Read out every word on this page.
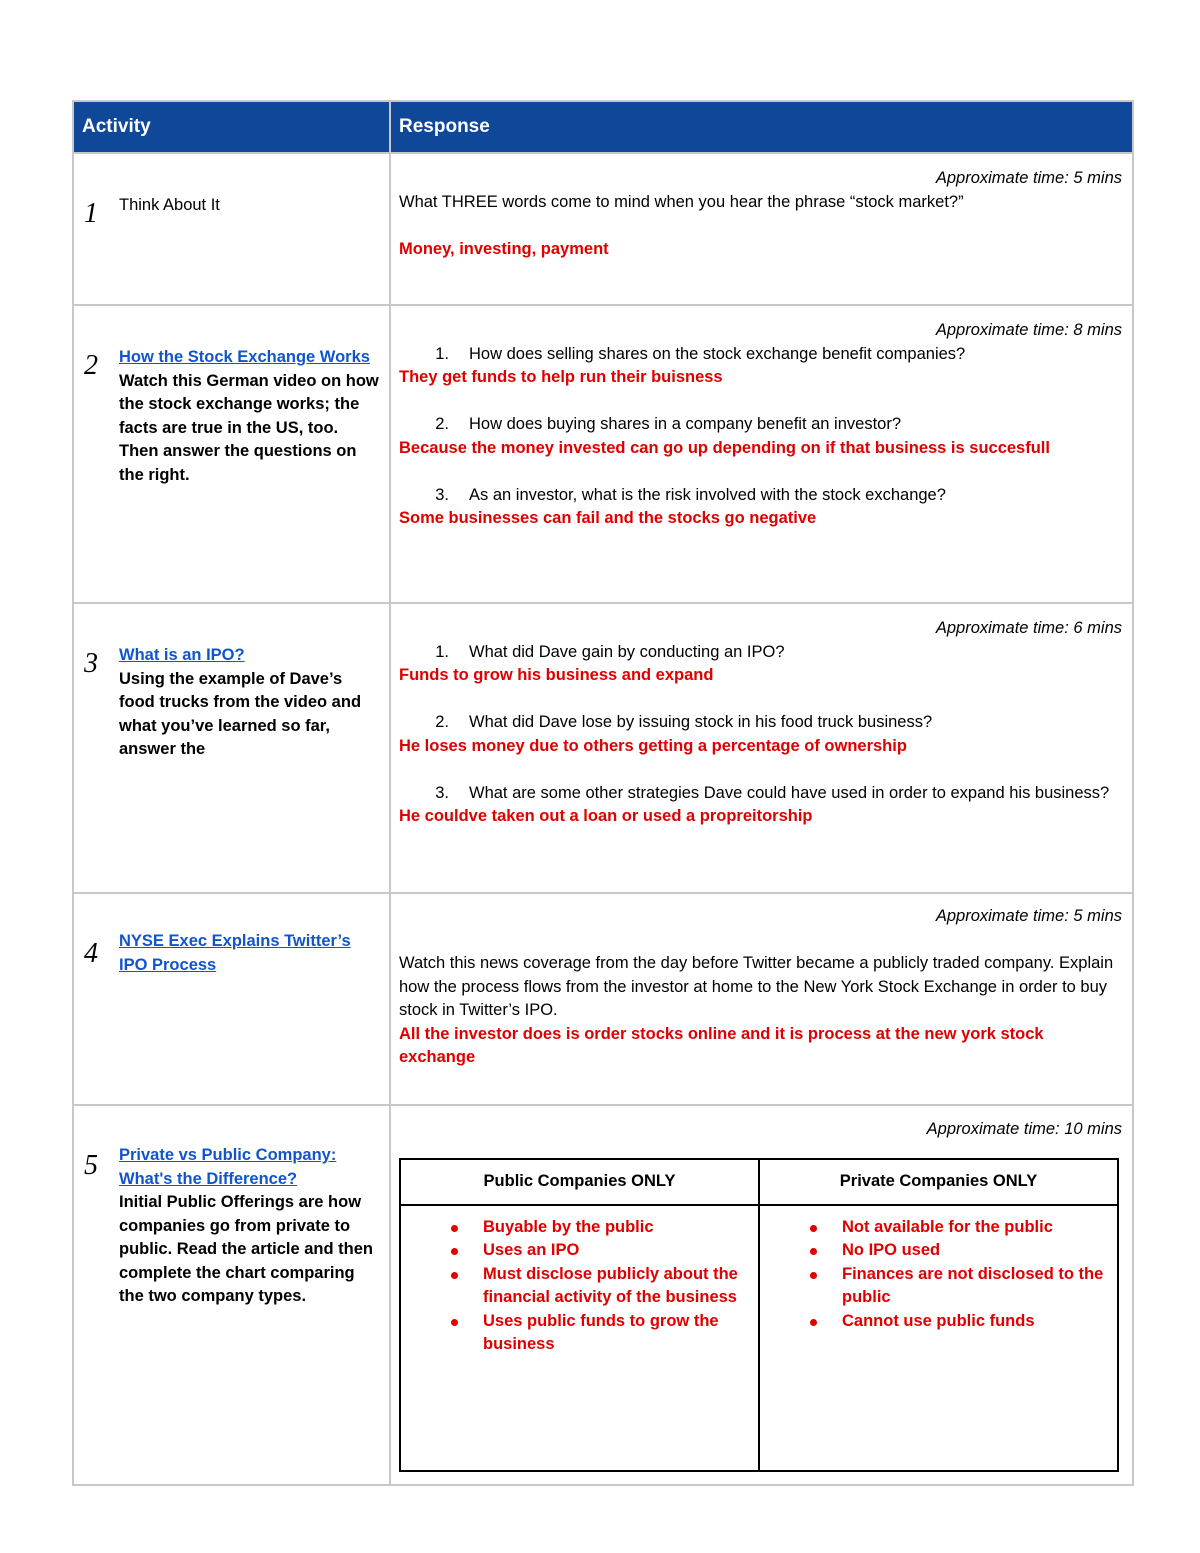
Activity	Response

1 Think About It

Approximate time: 5 mins
What THREE words come to mind when you hear the phrase “stock market?”
Money, investing, payment

2 How the Stock Exchange Works
Watch this German video on how the stock exchange works; the facts are true in the US, too. Then answer the questions on the right.

Approximate time: 8 mins
1.	How does selling shares on the stock exchange benefit companies?
They get funds to help run their buisness
2.	How does buying shares in a company benefit an investor?
Because the money invested can go up depending on if that business is succesfull
3.	As an investor, what is the risk involved with the stock exchange?
Some businesses can fail and the stocks go negative

3 What is an IPO?
Using the example of Dave’s food trucks from the video and what you’ve learned so far, answer the

Approximate time: 6 mins
1.	What did Dave gain by conducting an IPO?
Funds to grow his business and expand
2.	What did Dave lose by issuing stock in his food truck business?
He loses money due to others getting a percentage of ownership
3.	What are some other strategies Dave could have used in order to expand his business?
He couldve taken out a loan or used a propreitorship

4 NYSE Exec Explains Twitter’s IPO Process

Approximate time: 5 mins
Watch this news coverage from the day before Twitter became a publicly traded company. Explain how the process flows from the investor at home to the New York Stock Exchange in order to buy stock in Twitter’s IPO.
All the investor does is order stocks online and it is process at the new york stock exchange

5 Private vs Public Company: What's the Difference?
Initial Public Offerings are how companies go from private to public. Read the article and then complete the chart comparing the two company types.

Approximate time: 10 mins
Public Companies ONLY	Private Companies ONLY

Buyable by the public
Uses an IPO
Must disclose publicly about the financial activity of the business
Uses public funds to grow the business

Not available for the public
No IPO used
Finances are not disclosed to the public
Cannot use public funds
